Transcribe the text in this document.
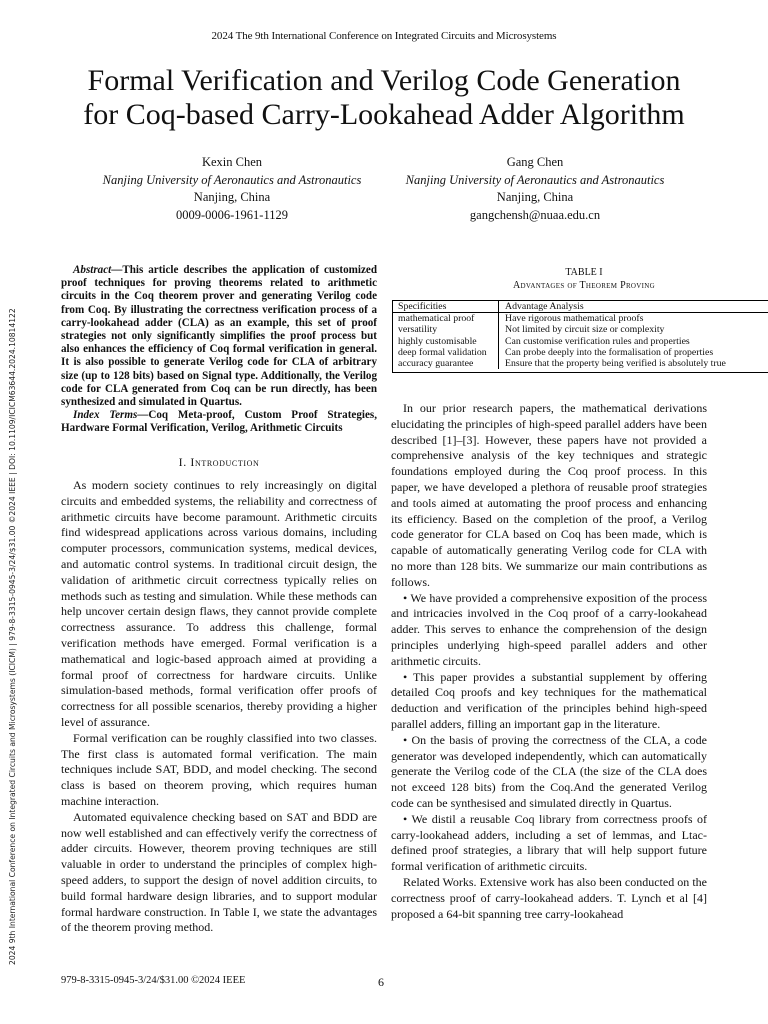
2024 The 9th International Conference on Integrated Circuits and Microsystems
Formal Verification and Verilog Code Generation
for Coq-based Carry-Lookahead Adder Algorithm
Kexin Chen
Nanjing University of Aeronautics and Astronautics
Nanjing, China
0009-0006-1961-1129
Gang Chen
Nanjing University of Aeronautics and Astronautics
Nanjing, China
gangchensh@nuaa.edu.cn
2024 9th International Conference on Integrated Circuits and Microsystems (ICICM) | 979-8-3315-0945-3/24/$31.00 ©2024 IEEE | DOI: 10.1109/ICICM63644.2024.10814122

Abstract—This article describes the application of customized proof techniques for proving theorems related to arithmetic circuits in the Coq theorem prover and generating Verilog code from Coq. By illustrating the correctness verification process of a carry-lookahead adder (CLA) as an example, this set of proof strategies not only significantly simplifies the proof process but also enhances the efficiency of Coq formal verification in general. It is also possible to generate Verilog code for CLA of arbitrary size (up to 128 bits) based on Signal type. Additionally, the Verilog code for CLA generated from Coq can be run directly, has been synthesized and simulated in Quartus.

Index Terms—Coq Meta-proof, Custom Proof Strategies, Hardware Formal Verification, Verilog, Arithmetic Circuits

I. Introduction

As modern society continues to rely increasingly on digital circuits and embedded systems, the reliability and correctness of arithmetic circuits have become paramount. Arithmetic circuits find widespread applications across various domains, including computer processors, communication systems, medical devices, and automatic control systems. In traditional circuit design, the validation of arithmetic circuit correctness typically relies on methods such as testing and simulation. While these methods can help uncover certain design flaws, they cannot provide complete correctness assurance. To address this challenge, formal verification methods have emerged. Formal verification is a mathematical and logic-based approach aimed at providing a formal proof of correctness for hardware circuits. Unlike simulation-based methods, formal verification offer proofs of correctness for all possible scenarios, thereby providing a higher level of assurance.

Formal verification can be roughly classified into two classes. The first class is automated formal verification. The main techniques include SAT, BDD, and model checking. The second class is based on theorem proving, which requires human machine interaction.

Automated equivalence checking based on SAT and BDD are now well established and can effectively verify the correctness of adder circuits. However, theorem proving techniques are still valuable in order to understand the principles of complex high-speed adders, to support the design of novel addition circuits, to build formal hardware design libraries, and to support modular formal hardware construction. In Table I, we state the advantages of the theorem proving method.

TABLE I
Advantages of Theorem Proving
Specificities	Advantage Analysis
mathematical proof	Have rigorous mathematical proofs
versatility	Not limited by circuit size or complexity
highly customisable	Can customise verification rules and properties
deep formal validation	Can probe deeply into the formalisation of properties
accuracy guarantee	Ensure that the property being verified is absolutely true

In our prior research papers, the mathematical derivations elucidating the principles of high-speed parallel adders have been described [1]–[3]. However, these papers have not provided a comprehensive analysis of the key techniques and strategic foundations employed during the Coq proof process. In this paper, we have developed a plethora of reusable proof strategies and tools aimed at automating the proof process and enhancing its efficiency. Based on the completion of the proof, a Verilog code generator for CLA based on Coq has been made, which is capable of automatically generating Verilog code for CLA with no more than 128 bits. We summarize our main contributions as follows.

• We have provided a comprehensive exposition of the process and intricacies involved in the Coq proof of a carry-lookahead adder. This serves to enhance the comprehension of the design principles underlying high-speed parallel adders and other arithmetic circuits.

• This paper provides a substantial supplement by offering detailed Coq proofs and key techniques for the mathematical deduction and verification of the principles behind high-speed parallel adders, filling an important gap in the literature.

• On the basis of proving the correctness of the CLA, a code generator was developed independently, which can automatically generate the Verilog code of the CLA (the size of the CLA does not exceed 128 bits) from the Coq.And the generated Verilog code can be synthesised and simulated directly in Quartus.

• We distil a reusable Coq library from correctness proofs of carry-lookahead adders, including a set of lemmas, and Ltac-defined proof strategies, a library that will help support future formal verification of arithmetic circuits.

Related Works. Extensive work has also been conducted on the correctness proof of carry-lookahead adders. T. Lynch et al [4] proposed a 64-bit spanning tree carry-lookahead

979-8-3315-0945-3/24/$31.00 ©2024 IEEE	6
